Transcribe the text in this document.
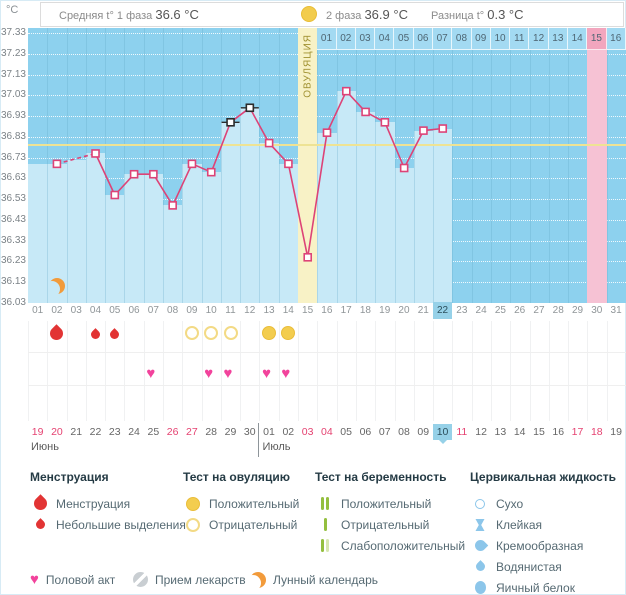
°C	Средняя t° 1 фаза 36.6 °C	2 фаза 36.9 °C Разница t° 0.3 °C
ОВУЛЯЦИЯ 01 02 03 04 05 06 07 08 09 10 11 12 13 14 15 16
37.33
37.23
37.13
37.03
36.93
36.83
36.73
36.63
36.53
36.43
36.33
36.23
36.13
36.03
01 02 03 04 05 06 07 08 09 10 11 12 13 14 15 16 17 18 19 20 21 22 23 24 25 26 27 28 29 30 31
♥	♥ ♥ ♥ ♥
19 20 21 22 23 24 25 26 27 28 29 30 01 02 03 04 05 06 07 08 09 10 11 12 13 14 15 16 17 18 19
Июнь	Июль
Менструация
Менструация
Небольшие выделения
Тест на овуляцию
Положительный
Отрицательный
Тест на беременность
Положительный
Отрицательный
Слабоположительный
Цервикальная жидкость
Сухо
Клейкая
Кремообразная
Водянистая
Яичный белок
♥ Половой акт	Прием лекарств Лунный календарь
